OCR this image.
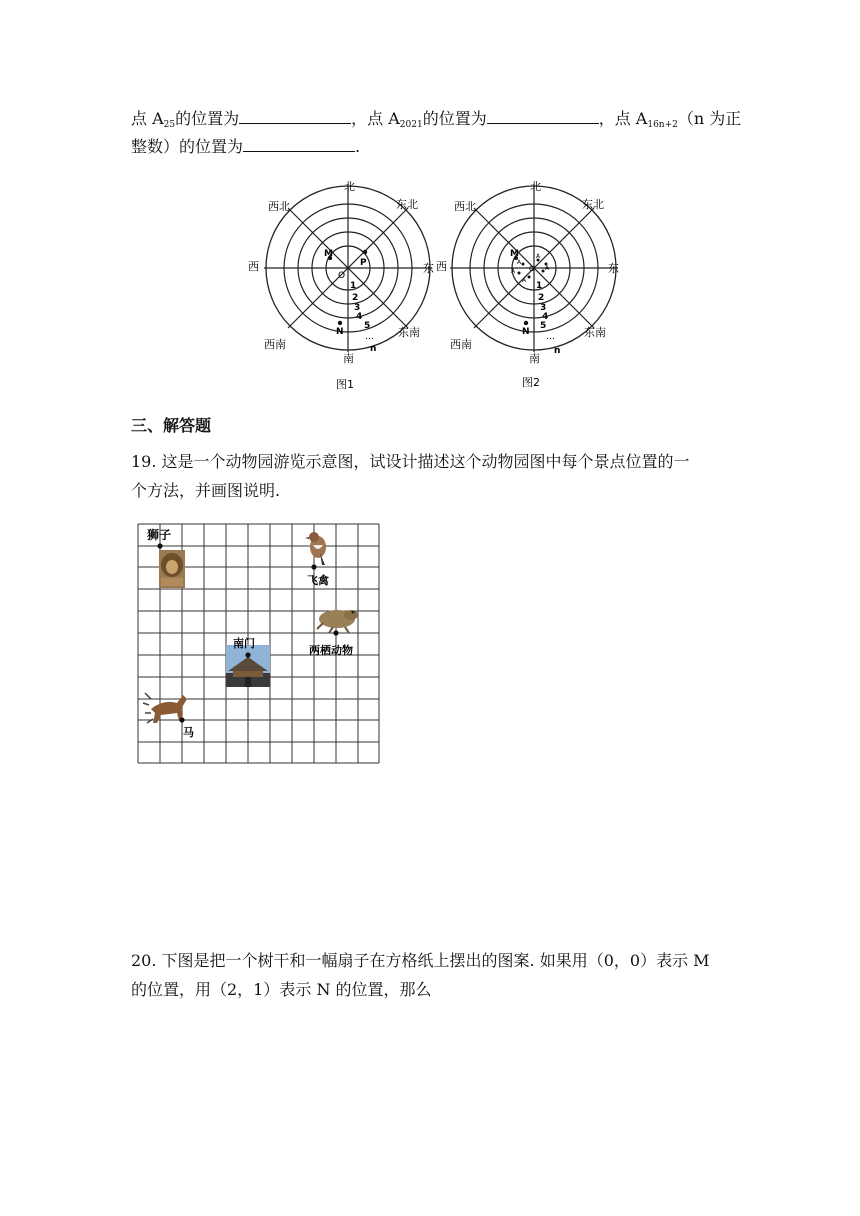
点 $A_{25}$的位置为	，点 $A_{2021}$的位置为	，点 $A_{16n+2}(n$ 为正
整数）的位置为	.
北
南
东
西
东北
西北
东南
西南
M
P
O
N
1
2
3
4
5
…
n
图1
北
南
东
西
东北
西北
东南
西南
M
A
A
A
A
A O
N
1
2
3
4
5
…
n
图2
三、解答题
19. 这是一个动物园游览示意图，试设计描述这个动物园图中每个景点位置的一
个方法，并画图说明.
狮子
飞禽
两栖动物
南门
马
20. 下图是把一个树干和一幅扇子在方格纸上摆出的图案. 如果用（0，0）表示 M
的位置，用（2，1）表示 N 的位置，那么
